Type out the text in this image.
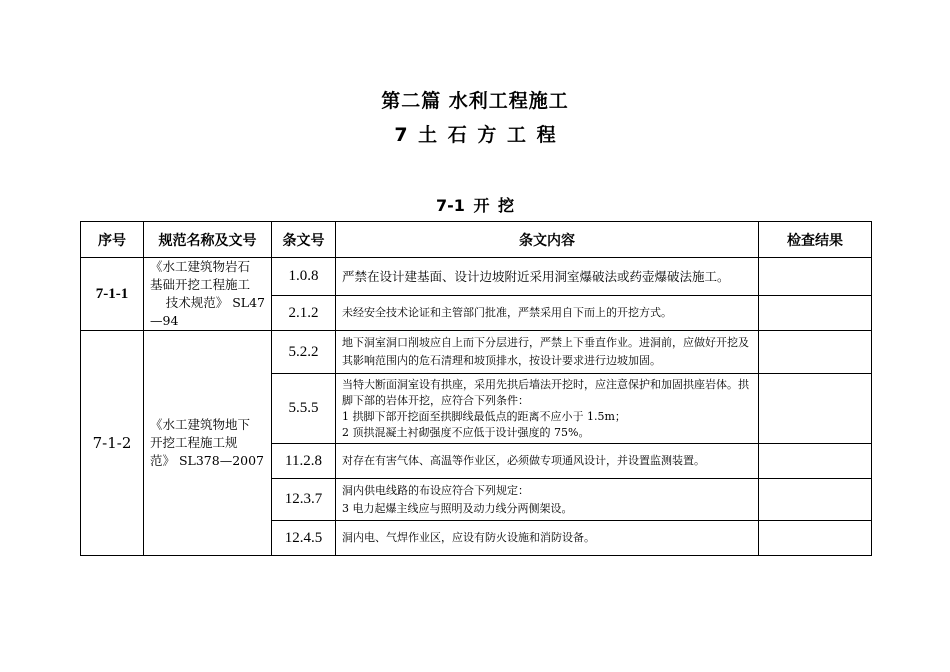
第二篇 水利工程施工
7 土 石 方 工 程
7-1 开 挖
序号	规范名称及文号	条文号	条文内容	检查结果
7-1-1	《水工建筑物岩石
基础开挖工程施工
技术规范》 SL47
—94	1.0.8	严禁在设计建基面、设计边坡附近采用洞室爆破法或药壶爆破法施工。	

		2.1.2	未经安全技术论证和主管部门批准，严禁采用自下而上的开挖方式。	

7-1-2	《水工建筑物地下
开挖工程施工规
范》 SL378—2007	5.2.2	地下洞室洞口削坡应自上而下分层进行，严禁上下垂直作业。进洞前，应做好开挖及其影响范围内的危石清理和坡顶排水，按设计要求进行边坡加固。	

		5.5.5	当特大断面洞室设有拱座，采用先拱后墙法开挖时，应注意保护和加固拱座岩体。拱脚下部的岩体开挖，应符合下列条件：
1 拱脚下部开挖面至拱脚线最低点的距离不应小于 1.5m；
2 顶拱混凝土衬砌强度不应低于设计强度的 75%。	

		11.2.8	对存在有害气体、高温等作业区，必须做专项通风设计，并设置监测装置。	

		12.3.7	洞内供电线路的布设应符合下列规定：
3 电力起爆主线应与照明及动力线分两侧架设。	

		12.4.5	洞内电、气焊作业区，应设有防火设施和消防设备。	
